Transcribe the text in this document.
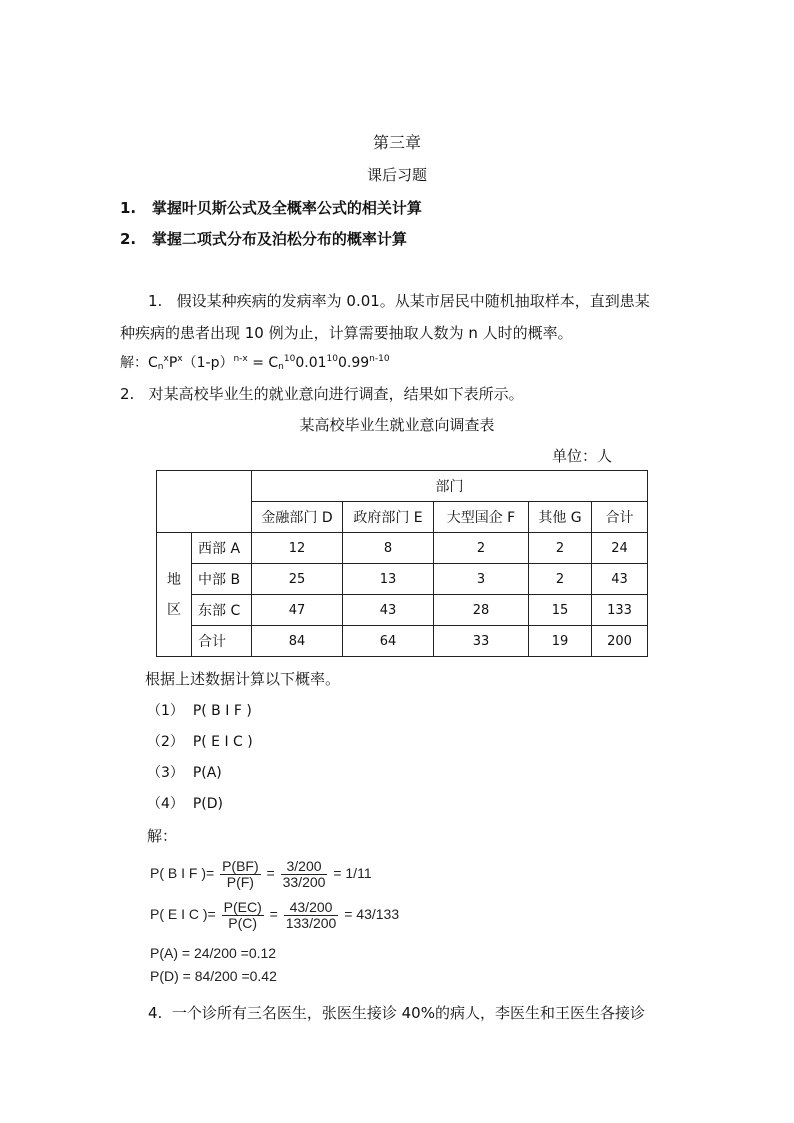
第三章
课后习题
1. 掌握叶贝斯公式及全概率公式的相关计算
2. 掌握二项式分布及泊松分布的概率计算
1. 假设某种疾病的发病率为 0.01。从某市居民中随机抽取样本，直到患某
种疾病的患者出现 10 例为止，计算需要抽取人数为 n 人时的概率。
解：$C_n^xP^x(1-p)^{n-x} = C_n^{10}0.01^{10}0.99^{n-10}$
2. 对某高校毕业生的就业意向进行调查，结果如下表所示。
某高校毕业生就业意向调查表
单位：人
		部门				
		金融部门 D	政府部门 E	大型国企 F	其他 G	合计

地
区	西部 A	12	8	2	2	24
	中部 B	25	13	3	2	43
	东部 C	47	43	28	15	133
	合计	84	64	33	19	200
根据上述数据计算以下概率。
（1） P( B I F )
（2） P( E I C )
（3） P(A)
（4） P(D)
解：
P( B I F )= $\frac{P(BF)}{P(F)} = \frac{3/200}{33/200} = 1/11$
P( E I C )= $\frac{P(EC)}{P(C)} = \frac{43/200}{133/200} = 43/133$
P(A) = 24/200 =0.12
P(D) = 84/200 =0.42
4. 一个诊所有三名医生，张医生接诊 40%的病人，李医生和王医生各接诊
